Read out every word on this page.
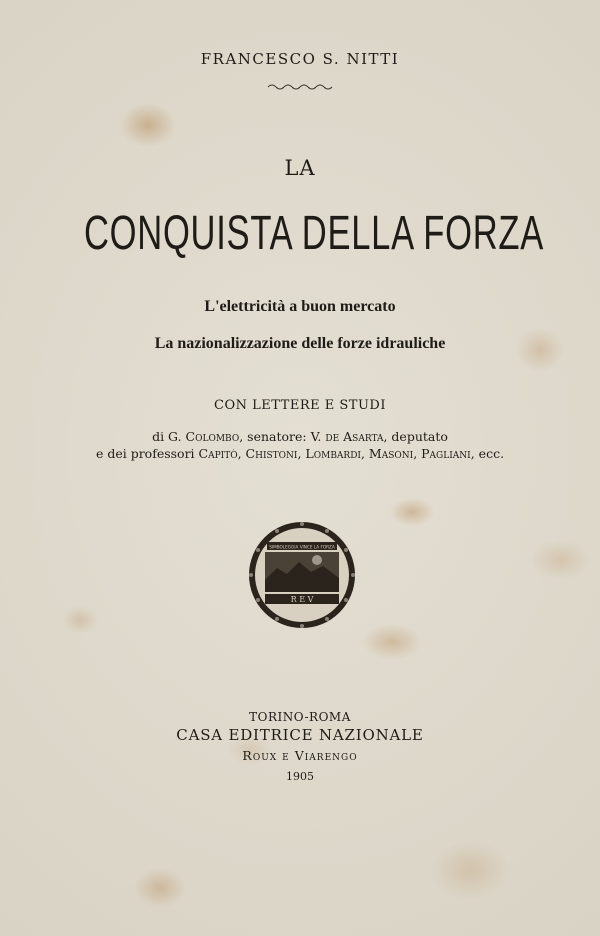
FRANCESCO S. NITTI
LA
CONQUISTA DELLA FORZA
L'elettricità a buon mercato
La nazionalizzazione delle forze idrauliche
CON LETTERE E STUDI
di G. Colombo, senatore: V. de Asarta, deputato
e dei professori Capitò, Chistoni, Lombardi, Masoni, Pagliani, ecc.
SIMBOLEGGIA VINCE LA FORZA
R E V
TORINO-ROMA
CASA EDITRICE NAZIONALE
Roux e Viarengo
1905
